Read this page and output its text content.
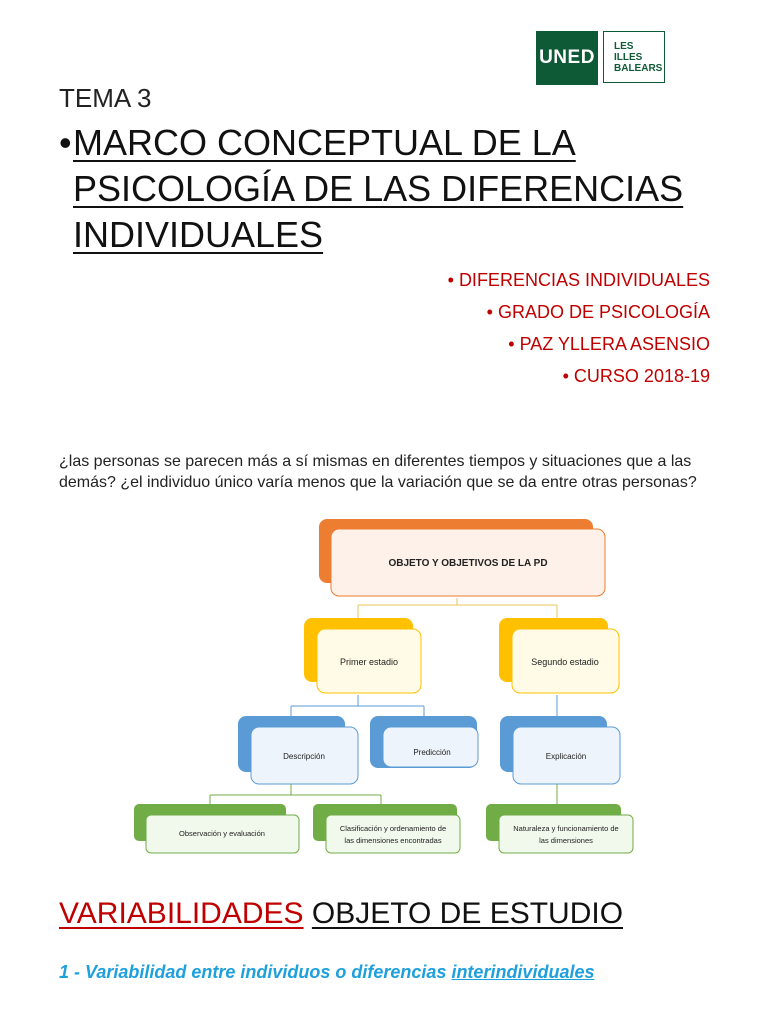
UNED
LES ILLES
BALEARS
TEMA 3
• MARCO CONCEPTUAL DE LA
PSICOLOGÍA DE LAS DIFERENCIAS
INDIVIDUALES
• DIFERENCIAS INDIVIDUALES
• GRADO DE PSICOLOGÍA
• PAZ YLLERA ASENSIO
• CURSO 2018-19
¿las personas se parecen más a sí mismas en diferentes tiempos y situaciones que a las demás? ¿el individuo único varía menos que la variación que se da entre otras personas?
OBJETO Y OBJETIVOS DE LA PD
Primer estadio	Segundo estadio
Descripción	Predicción	Explicación
Observación y evaluación
Clasificación y ordenamiento de
las dimensiones encontradas
Naturaleza y funcionamiento de
las dimensiones
VARIABILIDADES OBJETO DE ESTUDIO
1 - Variabilidad entre individuos o diferencias interindividuales
